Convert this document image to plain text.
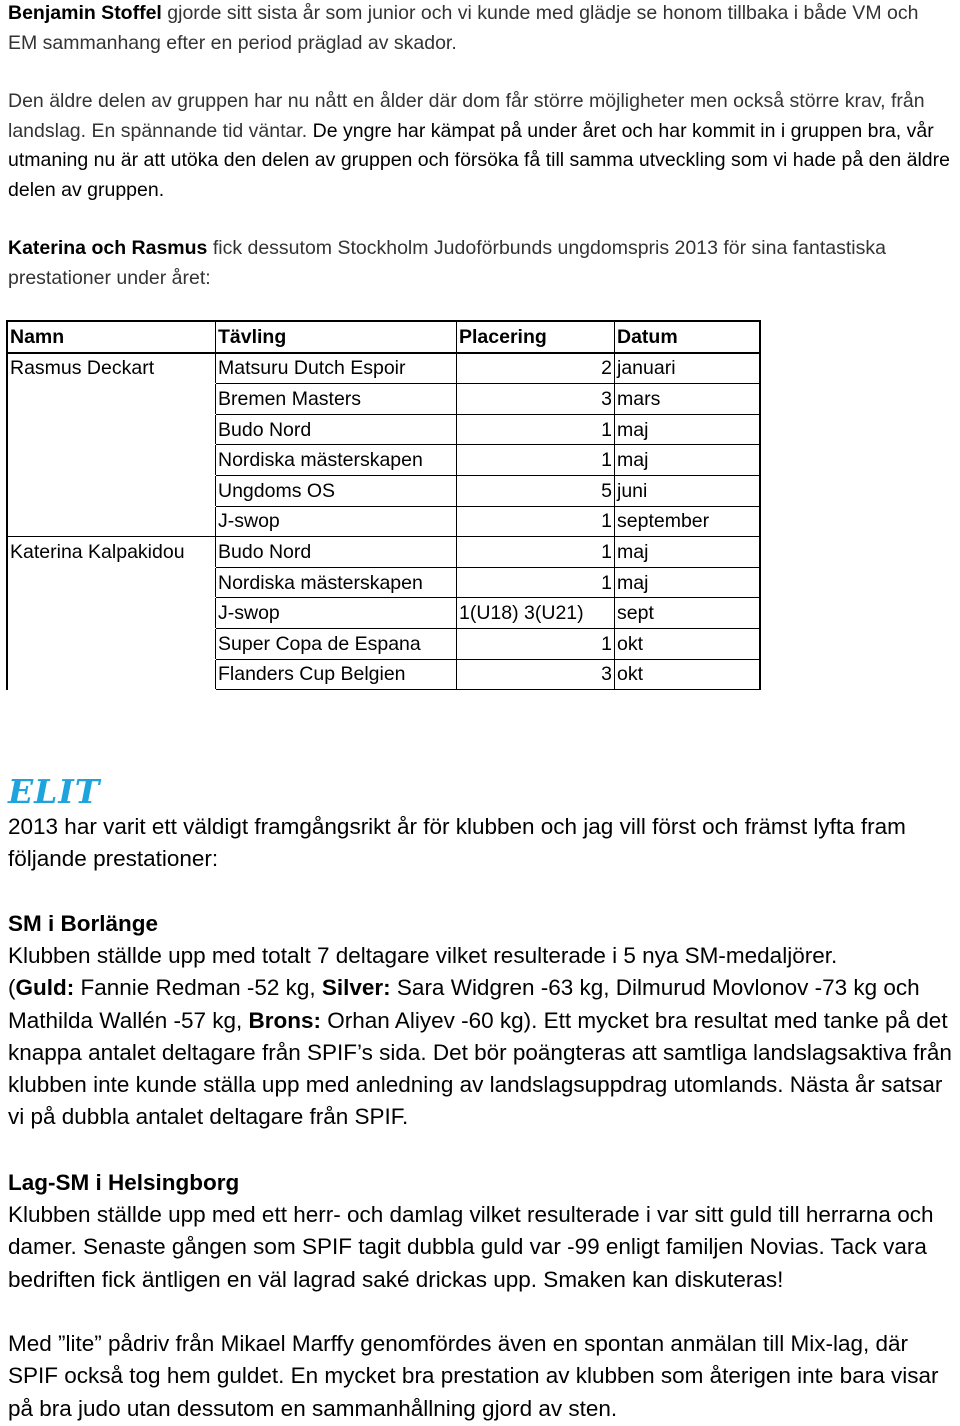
Benjamin Stoffel gjorde sitt sista år som junior och vi kunde med glädje se honom tillbaka i både VM och EM sammanhang efter en period präglad av skador.
Den äldre delen av gruppen har nu nått en ålder där dom får större möjligheter men också större krav, från landslag. En spännande tid väntar. De yngre har kämpat på under året och har kommit in i gruppen bra, vår utmaning nu är att utöka den delen av gruppen och försöka få till samma utveckling som vi hade på den äldre delen av gruppen.
Katerina och Rasmus fick dessutom Stockholm Judoförbunds ungdomspris 2013 för sina fantastiska prestationer under året:
Namn	Tävling	Placering	Datum
Rasmus Deckart	Matsuru Dutch Espoir	2	januari
	Bremen Masters	3	mars
	Budo Nord	1	maj
	Nordiska mästerskapen	1	maj
	Ungdoms OS	5	juni
	J-swop	1	september
Katerina Kalpakidou	Budo Nord	1	maj
	Nordiska mästerskapen	1	maj
	J-swop	1(U18) 3(U21)	sept
	Super Copa de Espana	1	okt
	Flanders Cup Belgien	3	okt
ELIT
2013 har varit ett väldigt framgångsrikt år för klubben och jag vill först och främst lyfta fram följande prestationer:
SM i Borlänge
Klubben ställde upp med totalt 7 deltagare vilket resulterade i 5 nya SM-medaljörer.
(Guld: Fannie Redman -52 kg, Silver: Sara Widgren -63 kg, Dilmurud Movlonov -73 kg och Mathilda Wallén -57 kg, Brons: Orhan Aliyev -60 kg). Ett mycket bra resultat med tanke på det knappa antalet deltagare från SPIF’s sida. Det bör poängteras att samtliga landslagsaktiva från klubben inte kunde ställa upp med anledning av landslagsuppdrag utomlands. Nästa år satsar vi på dubbla antalet deltagare från SPIF.
Lag-SM i Helsingborg
Klubben ställde upp med ett herr- och damlag vilket resulterade i var sitt guld till herrarna och damer. Senaste gången som SPIF tagit dubbla guld var -99 enligt familjen Novias. Tack vara bedriften fick äntligen en väl lagrad saké drickas upp. Smaken kan diskuteras!
Med ”lite” pådriv från Mikael Marffy genomfördes även en spontan anmälan till Mix-lag, där SPIF också tog hem guldet. En mycket bra prestation av klubben som återigen inte bara visar på bra judo utan dessutom en sammanhållning gjord av sten.
